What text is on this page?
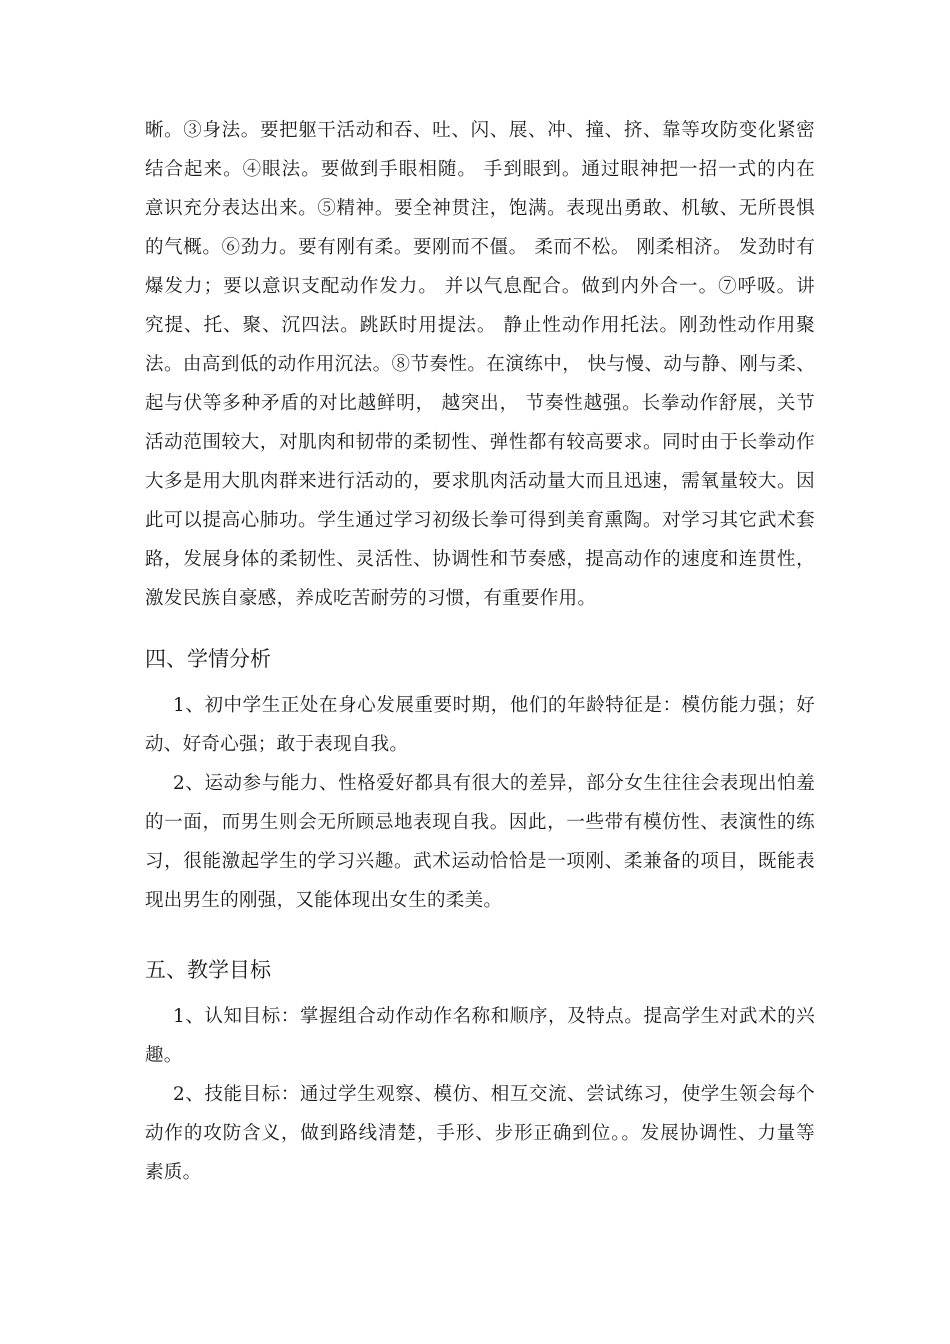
晰。③身法。要把躯干活动和吞、吐、闪、展、冲、撞、挤、靠等攻防变化紧密
结合起来。④眼法。要做到手眼相随。 手到眼到。通过眼神把一招一式的内在
意识充分表达出来。⑤精神。要全神贯注，饱满。表现出勇敢、机敏、无所畏惧
的气概。⑥劲力。要有刚有柔。要刚而不僵。 柔而不松。 刚柔相济。 发劲时有
爆发力；要以意识支配动作发力。 并以气息配合。做到内外合一。⑦呼吸。讲
究提、托、聚、沉四法。跳跃时用提法。 静止性动作用托法。刚劲性动作用聚
法。由高到低的动作用沉法。⑧节奏性。在演练中， 快与慢、动与静、刚与柔、
起与伏等多种矛盾的对比越鲜明， 越突出， 节奏性越强。长拳动作舒展，关节
活动范围较大，对肌肉和韧带的柔韧性、弹性都有较高要求。同时由于长拳动作
大多是用大肌肉群来进行活动的，要求肌肉活动量大而且迅速，需氧量较大。因
此可以提高心肺功。学生通过学习初级长拳可得到美育熏陶。对学习其它武术套
路，发展身体的柔韧性、灵活性、协调性和节奏感，提高动作的速度和连贯性，
激发民族自豪感，养成吃苦耐劳的习惯，有重要作用。
四、学情分析
1、初中学生正处在身心发展重要时期，他们的年龄特征是：模仿能力强；好
动、好奇心强；敢于表现自我。
2、运动参与能力、性格爱好都具有很大的差异，部分女生往往会表现出怕羞
的一面，而男生则会无所顾忌地表现自我。因此，一些带有模仿性、表演性的练
习，很能激起学生的学习兴趣。武术运动恰恰是一项刚、柔兼备的项目，既能表
现出男生的刚强，又能体现出女生的柔美。
五、教学目标
1、认知目标：掌握组合动作动作名称和顺序，及特点。提高学生对武术的兴
趣。
2、技能目标：通过学生观察、模仿、相互交流、尝试练习，使学生领会每个
动作的攻防含义，做到路线清楚，手形、步形正确到位。。发展协调性、力量等
素质。
